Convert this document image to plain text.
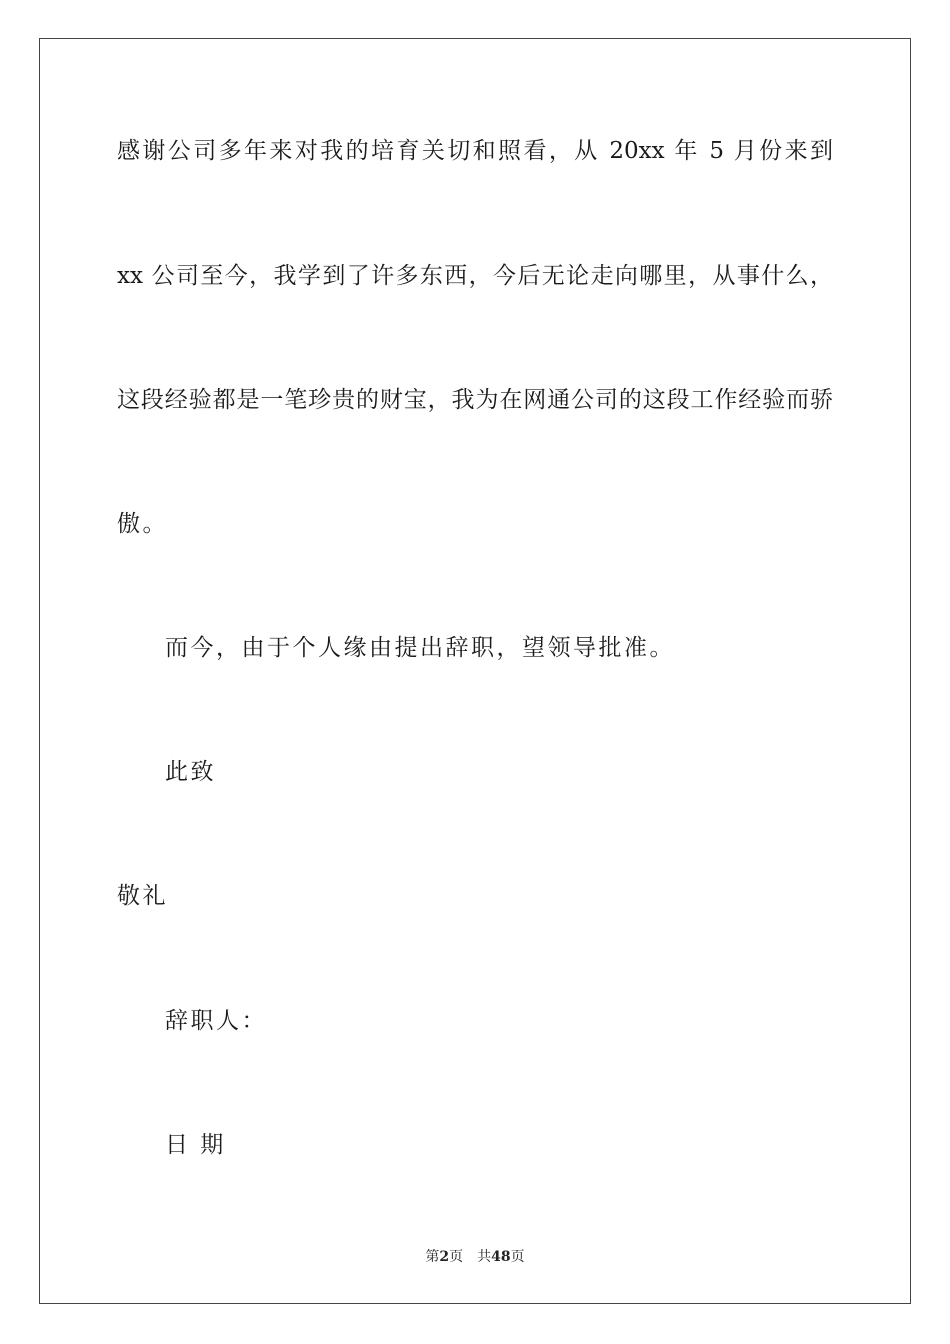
感谢公司多年来对我的培育关切和照看，从 20xx 年 5 月份来到
xx 公司至今，我学到了许多东西，今后无论走向哪里，从事什么，
这段经验都是一笔珍贵的财宝，我为在网通公司的这段工作经验而骄
傲。
而今，由于个人缘由提出辞职，望领导批准。
此致
敬礼
辞职人：
日 期
第2页 共48页
